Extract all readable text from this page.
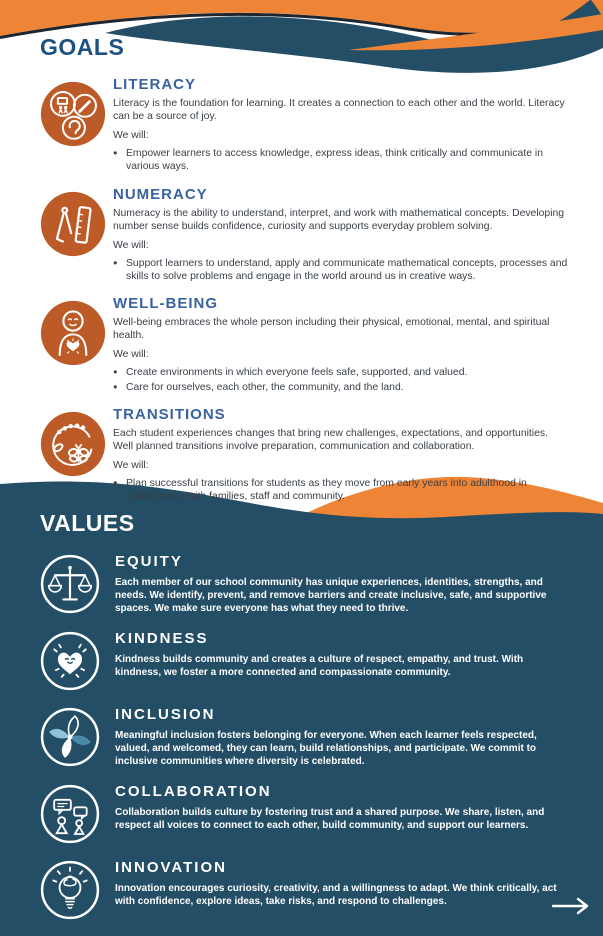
GOALS
LITERACY
Literacy is the foundation for learning. It creates a connection to each other and the world. Literacy can be a source of joy.
We will:
● Empower learners to access knowledge, express ideas, think critically and communicate in various ways.
NUMERACY
Numeracy is the ability to understand, interpret, and work with mathematical concepts. Developing number sense builds confidence, curiosity and supports everyday problem solving.
We will:
● Support learners to understand, apply and communicate mathematical concepts, processes and skills to solve problems and engage in the world around us in creative ways.
WELL-BEING
Well-being embraces the whole person including their physical, emotional, mental, and spiritual health.
We will:
● Create environments in which everyone feels safe, supported, and valued.
● Care for ourselves, each other, the community, and the land.
TRANSITIONS
Each student experiences changes that bring new challenges, expectations, and opportunities. Well planned transitions involve preparation, communication and collaboration.
We will:
● Plan successful transitions for students as they move from early years into adulthood in collaboration with families, staff and community.
VALUES
EQUITY
Each member of our school community has unique experiences, identities, strengths, and needs. We identify, prevent, and remove barriers and create inclusive, safe, and supportive spaces. We make sure everyone has what they need to thrive.
KINDNESS
Kindness builds community and creates a culture of respect, empathy, and trust. With kindness, we foster a more connected and compassionate community.
INCLUSION
Meaningful inclusion fosters belonging for everyone. When each learner feels respected, valued, and welcomed, they can learn, build relationships, and participate. We commit to inclusive communities where diversity is celebrated.
COLLABORATION
Collaboration builds culture by fostering trust and a shared purpose. We share, listen, and respect all voices to connect to each other, build community, and support our learners.
INNOVATION
Innovation encourages curiosity, creativity, and a willingness to adapt. We think critically, act with confidence, explore ideas, take risks, and respond to challenges.
